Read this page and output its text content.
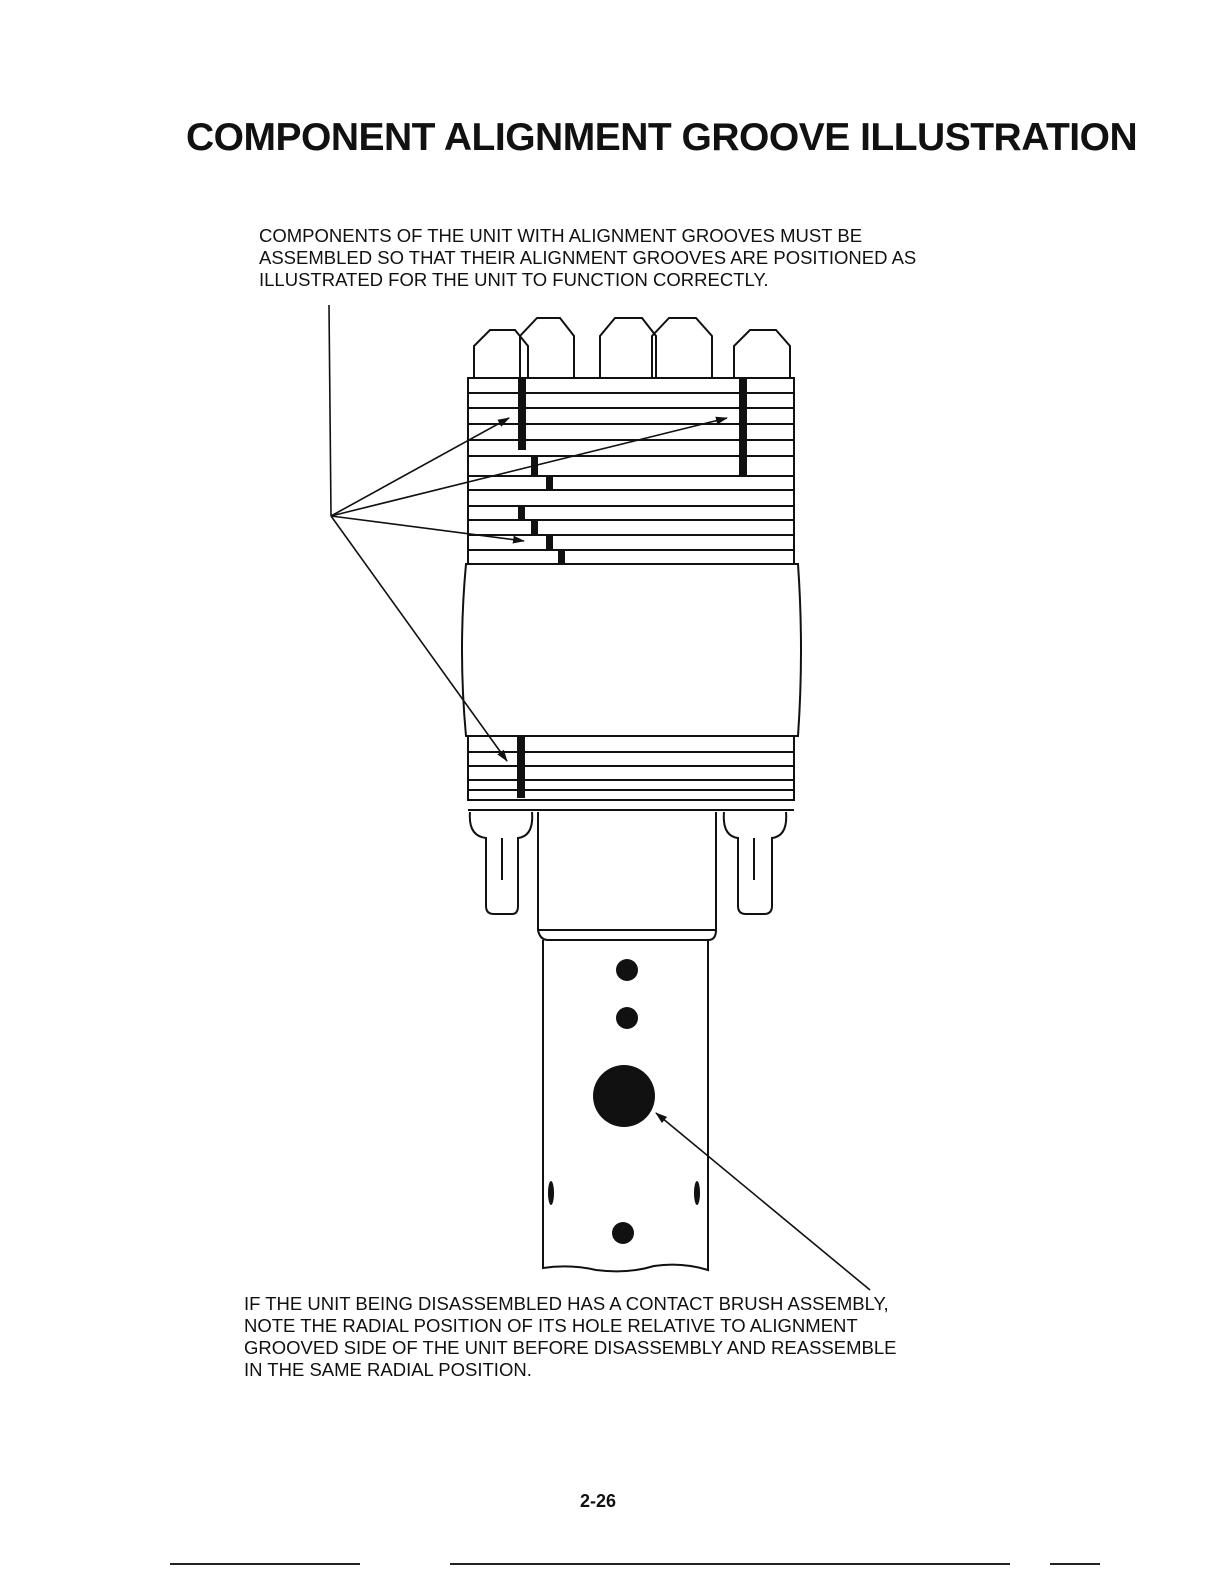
COMPONENT ALIGNMENT GROOVE ILLUSTRATION
COMPONENTS OF THE UNIT WITH ALIGNMENT GROOVES MUST BE
ASSEMBLED SO THAT THEIR ALIGNMENT GROOVES ARE POSITIONED AS
ILLUSTRATED FOR THE UNIT TO FUNCTION CORRECTLY.
IF THE UNIT BEING DISASSEMBLED HAS A CONTACT BRUSH ASSEMBLY,
NOTE THE RADIAL POSITION OF ITS HOLE RELATIVE TO ALIGNMENT
GROOVED SIDE OF THE UNIT BEFORE DISASSEMBLY AND REASSEMBLE
IN THE SAME RADIAL POSITION.
2-26
